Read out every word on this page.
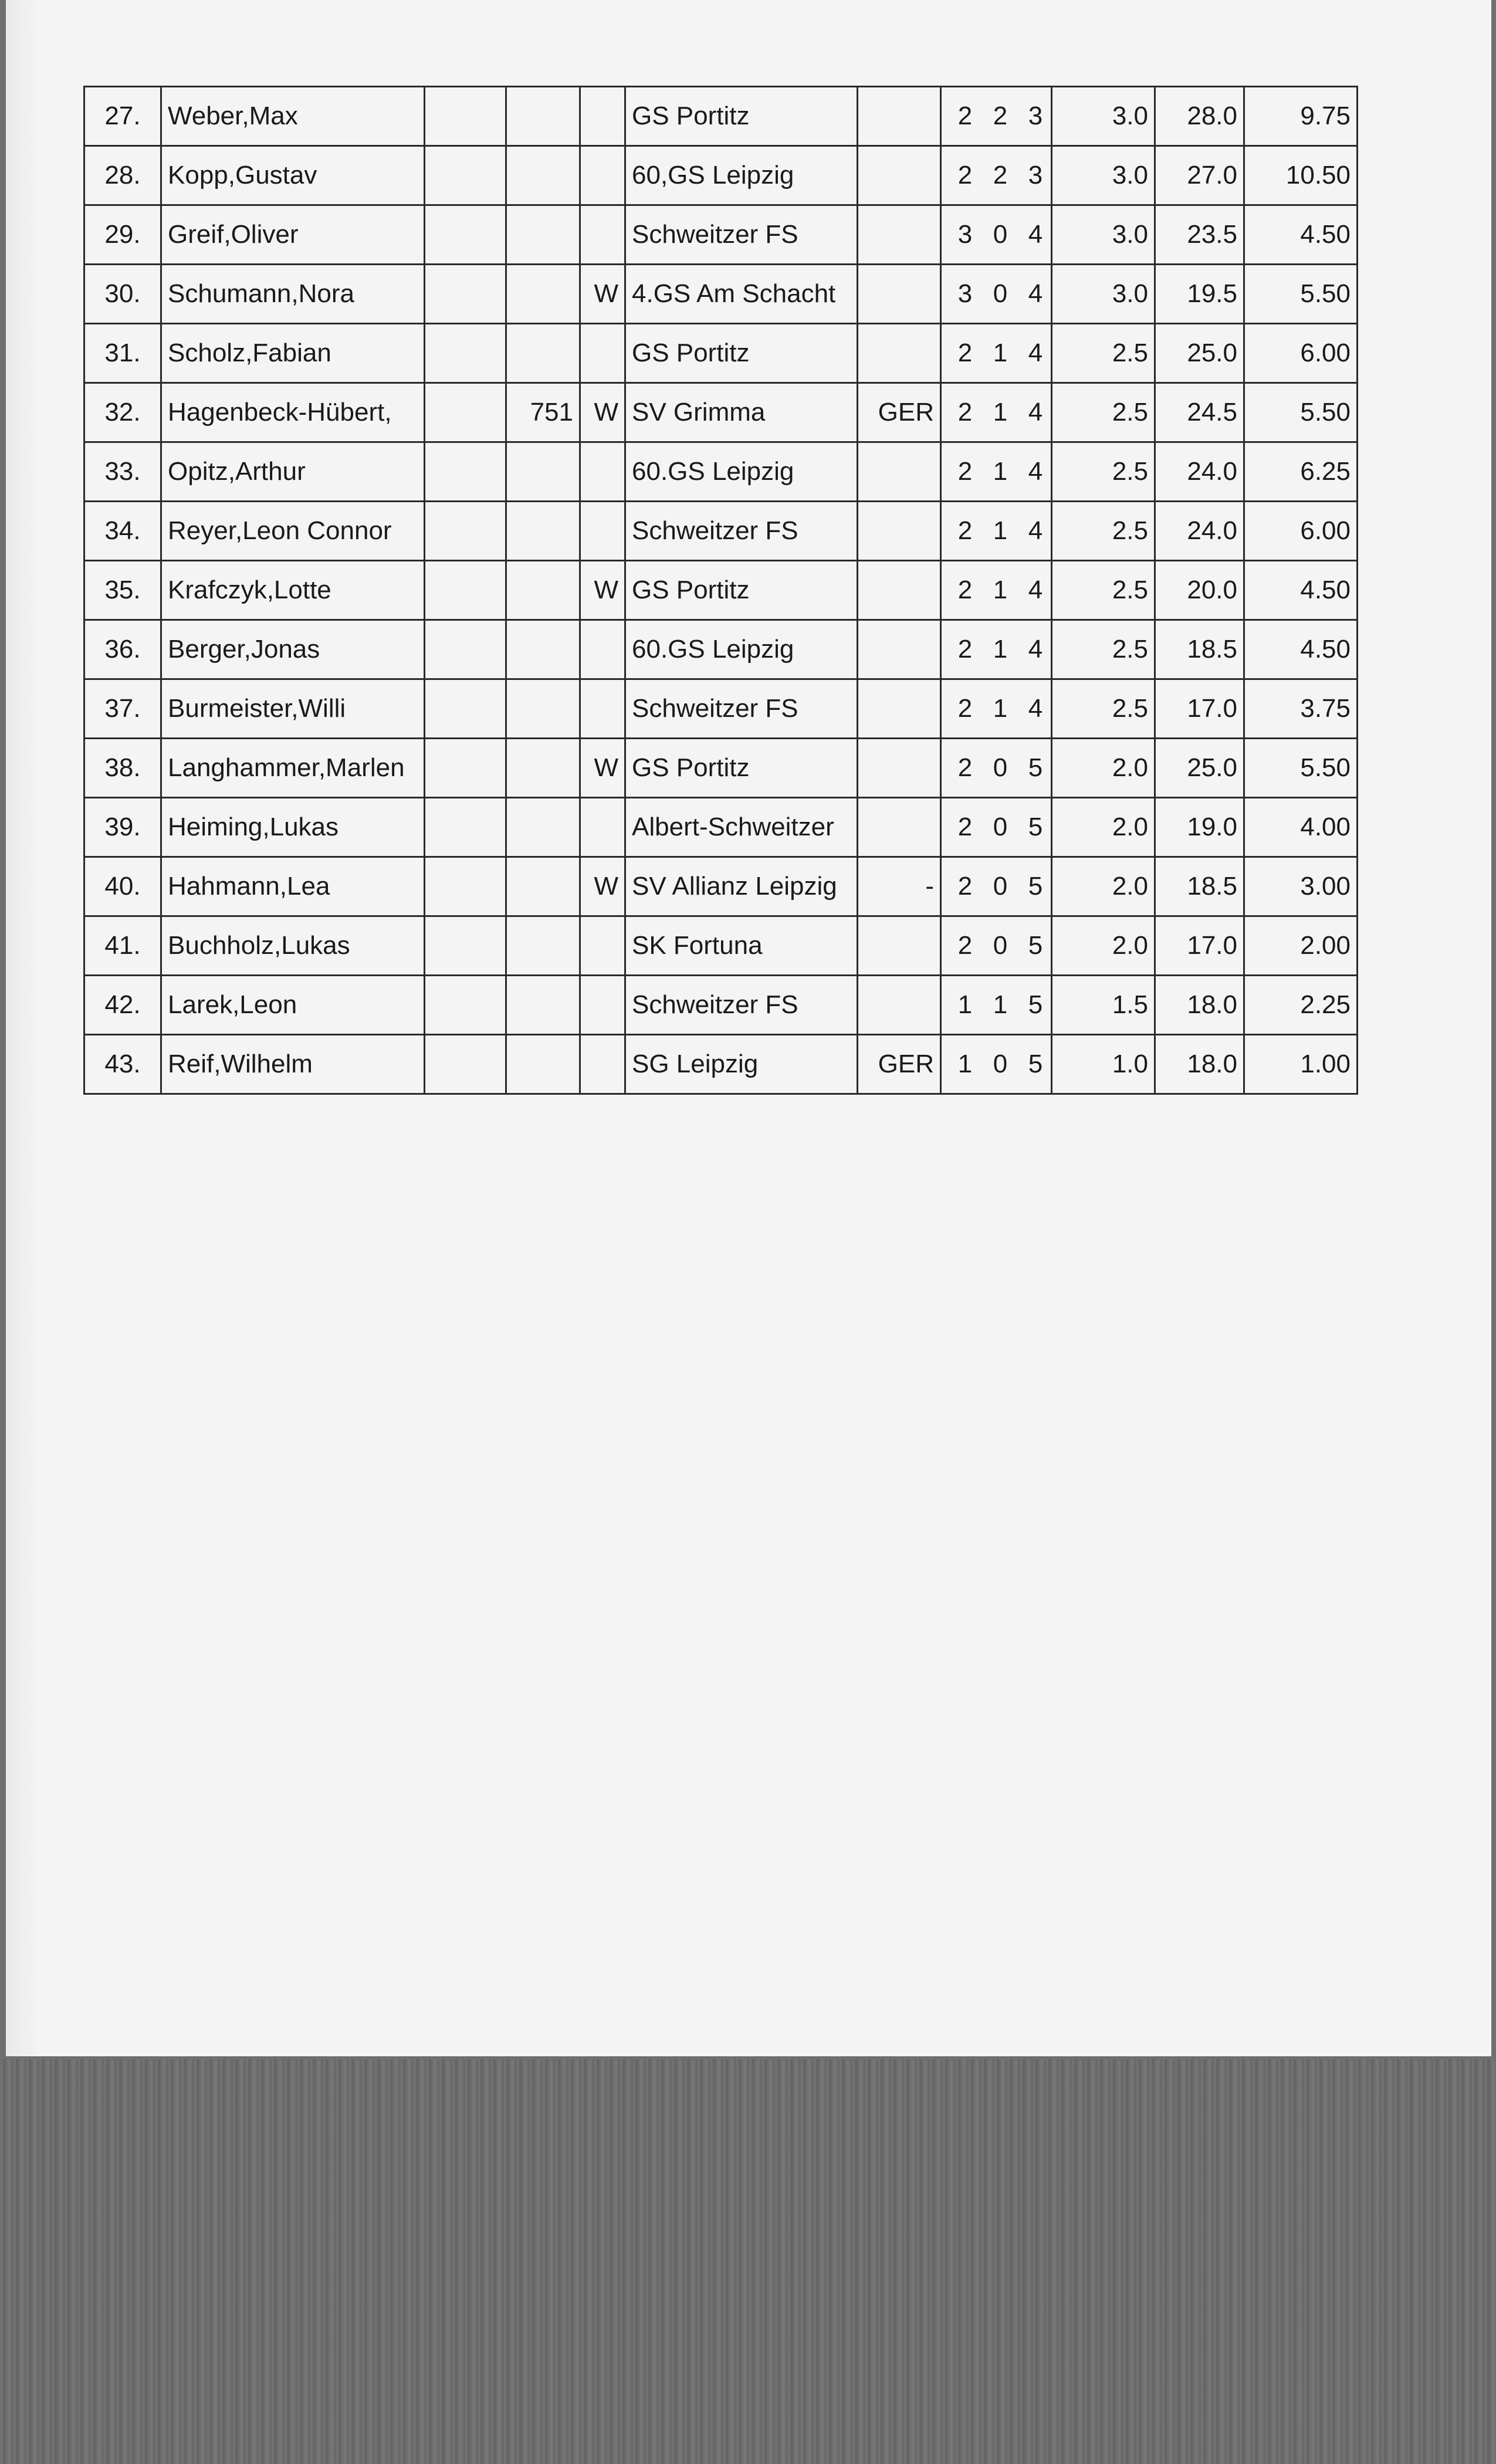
27.	Weber,Max				GS Portitz		2 2 3	3.0	28.0	9.75
28.	Kopp,Gustav				60,GS Leipzig		2 2 3	3.0	27.0	10.50
29.	Greif,Oliver				Schweitzer FS		3 0 4	3.0	23.5	4.50
30.	Schumann,Nora			W	4.GS Am Schacht		3 0 4	3.0	19.5	5.50
31.	Scholz,Fabian				GS Portitz		2 1 4	2.5	25.0	6.00
32.	Hagenbeck-Hübert,		751	W	SV Grimma	GER	2 1 4	2.5	24.5	5.50
33.	Opitz,Arthur				60.GS Leipzig		2 1 4	2.5	24.0	6.25
34.	Reyer,Leon Connor				Schweitzer FS		2 1 4	2.5	24.0	6.00
35.	Krafczyk,Lotte			W	GS Portitz		2 1 4	2.5	20.0	4.50
36.	Berger,Jonas				60.GS Leipzig		2 1 4	2.5	18.5	4.50
37.	Burmeister,Willi				Schweitzer FS		2 1 4	2.5	17.0	3.75
38.	Langhammer,Marlen			W	GS Portitz		2 0 5	2.0	25.0	5.50
39.	Heiming,Lukas				Albert-Schweitzer		2 0 5	2.0	19.0	4.00
40.	Hahmann,Lea			W	SV Allianz Leipzig	-	2 0 5	2.0	18.5	3.00
41.	Buchholz,Lukas				SK Fortuna		2 0 5	2.0	17.0	2.00
42.	Larek,Leon				Schweitzer FS		1 1 5	1.5	18.0	2.25
43.	Reif,Wilhelm				SG Leipzig	GER	1 0 5	1.0	18.0	1.00
